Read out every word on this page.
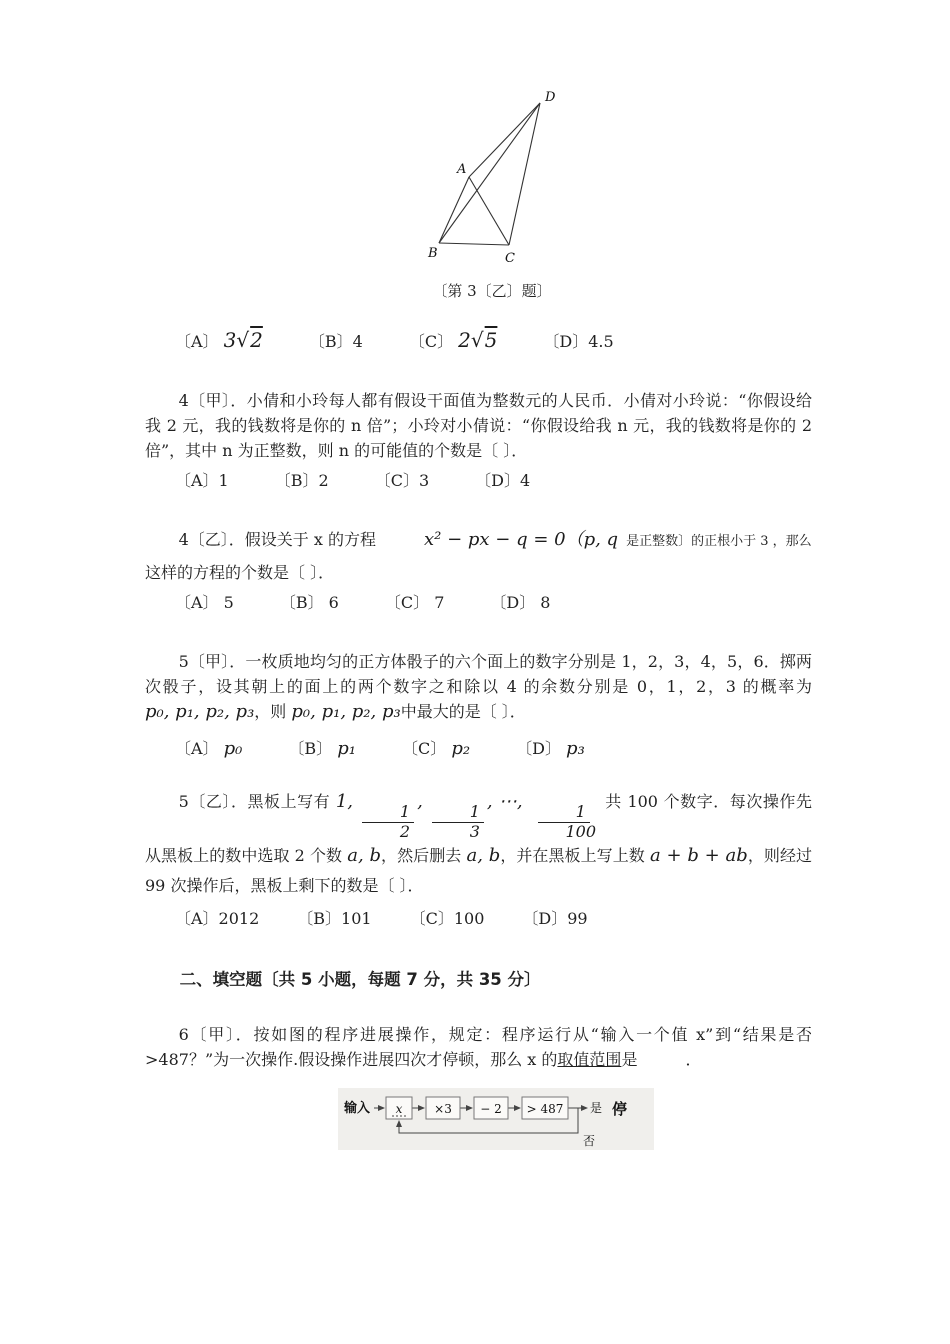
D
A
B	C
〔第 3〔乙〕题〕
〔A〕 3√2	〔B〕4	〔C〕 2√5	〔D〕4.5

4〔甲〕．小倩和小玲每人都有假设干面值为整数元的人民币．小倩对小玲说：“你假设给我 2 元，我的钱数将是你的 n 倍”；小玲对小倩说：“你假设给我 n 元，我的钱数将是你的 2 倍”，其中 n 为正整数，则 n 的可能值的个数是〔 〕．

〔A〕1	〔B〕2	〔C〕3	〔D〕4

4〔乙〕．假设关于 x 的方程	x² − px − q = 0（p, q 是正整数〕的正根小于 3 ，那么

这样的方程的个数是〔 〕．

〔A〕 5	〔B〕 6	〔C〕 7	〔D〕 8

5〔甲〕．一枚质地均匀的正方体骰子的六个面上的数字分别是 1，2，3，4，5，6．掷两次骰子，设其朝上的面上的两个数字之和除以 4 的余数分别是 0，1，2，3 的概率为 p₀, p₁, p₂, p₃，则 p₀, p₁, p₂, p₃中最大的是〔 〕．

〔A〕 p₀	〔B〕 p₁	〔C〕 p₂	〔D〕 p₃

5〔乙〕．黑板上写有 1,
$\frac{1}{2}$
,
$\frac{1}{3}$
, ⋯,
$\frac{1}{100}$
共 100 个数字．每次操作先从黑板上的数中选取 2 个数 a, b，然后删去 a, b，并在黑板上写上数 a + b + ab，则经过 99 次操作后，黑板上剩下的数是〔 〕．

〔A〕2012 〔B〕101 〔C〕100 〔D〕99

二、填空题〔共 5 小题，每题 7 分，共 35 分〕

6〔甲〕．按如图的程序进展操作，规定：程序运行从“输入一个值 x”到“结果是否>487？”为一次操作.假设操作进展四次才停顿，那么 x 的取值范围是　　　．

输入 x	×3 − 2 > 487 是 停
否
